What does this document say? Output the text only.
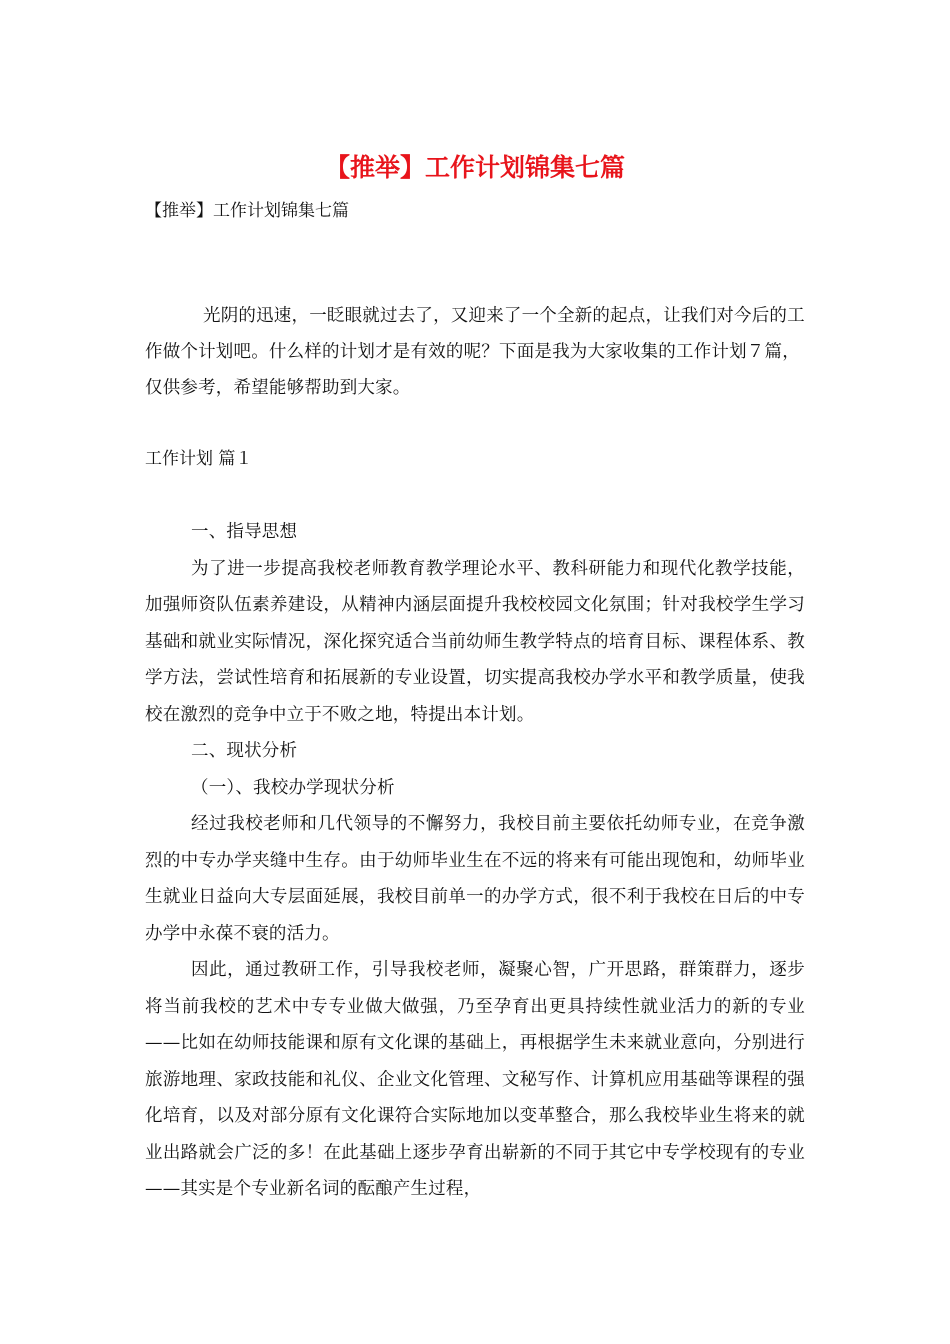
【推举】工作计划锦集七篇

【推举】工作计划锦集七篇

光阴的迅速，一眨眼就过去了，又迎来了一个全新的起点，让我们对今后的工作做个计划吧。什么样的计划才是有效的呢？下面是我为大家收集的工作计划７篇，仅供参考，希望能够帮助到大家。

工作计划 篇１

一、指导思想

为了进一步提高我校老师教育教学理论水平、教科研能力和现代化教学技能，加强师资队伍素养建设，从精神内涵层面提升我校校园文化氛围；针对我校学生学习基础和就业实际情况，深化探究适合当前幼师生教学特点的培育目标、课程体系、教学方法，尝试性培育和拓展新的专业设置，切实提高我校办学水平和教学质量，使我校在激烈的竞争中立于不败之地，特提出本计划。

二、现状分析

（一）、我校办学现状分析

经过我校老师和几代领导的不懈努力，我校目前主要依托幼师专业，在竞争激烈的中专办学夹缝中生存。由于幼师毕业生在不远的将来有可能出现饱和，幼师毕业生就业日益向大专层面延展，我校目前单一的办学方式，很不利于我校在日后的中专办学中永葆不衰的活力。

因此，通过教研工作，引导我校老师，凝聚心智，广开思路，群策群力，逐步将当前我校的艺术中专专业做大做强，乃至孕育出更具持续性就业活力的新的专业——比如在幼师技能课和原有文化课的基础上，再根据学生未来就业意向，分别进行旅游地理、家政技能和礼仪、企业文化管理、文秘写作、计算机应用基础等课程的强化培育，以及对部分原有文化课符合实际地加以变革整合，那么我校毕业生将来的就业出路就会广泛的多！在此基础上逐步孕育出崭新的不同于其它中专学校现有的专业——其实是个专业新名词的酝酿产生过程，
